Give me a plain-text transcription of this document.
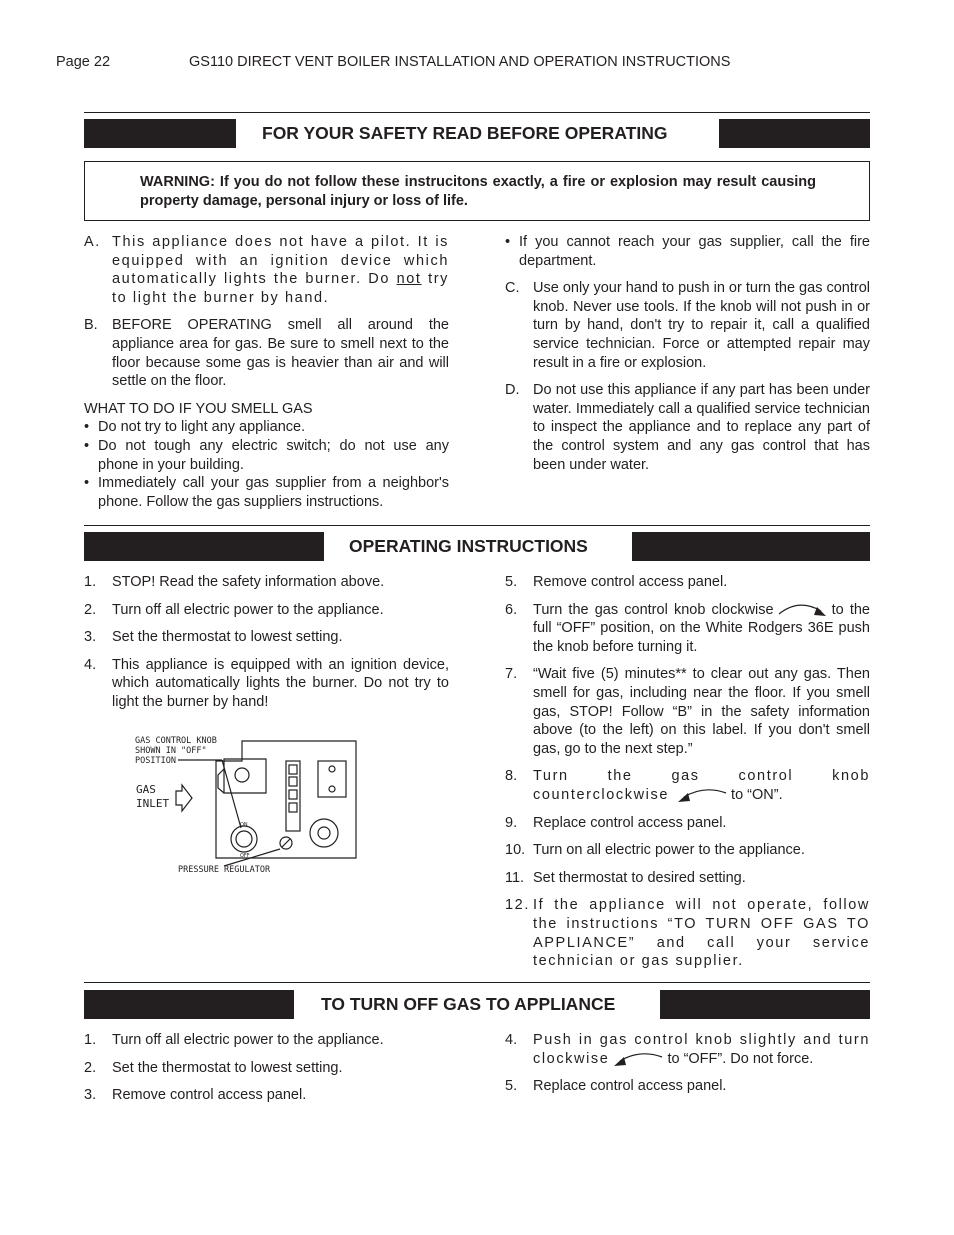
Page 22	GS110 DIRECT VENT BOILER INSTALLATION AND OPERATION INSTRUCTIONS
FOR YOUR SAFETY READ BEFORE OPERATING

WARNING: If you do not follow these instrucitons exactly, a fire or explosion may result causing property damage, personal injury or loss of life.

A. This appliance does not have a pilot. It is equipped with an ignition device which automatically lights the burner. Do not try to light the burner by hand.
B. BEFORE OPERATING smell all around the appliance area for gas. Be sure to smell next to the floor because some gas is heavier than air and will settle on the floor.
WHAT TO DO IF YOU SMELL GAS
• Do not try to light any appliance.
• Do not tough any electric switch; do not use any phone in your building.
• Immediately call your gas supplier from a neighbor's phone. Follow the gas suppliers instructions.
• If you cannot reach your gas supplier, call the fire department.
C. Use only your hand to push in or turn the gas control knob. Never use tools. If the knob will not push in or turn by hand, don't try to repair it, call a qualified service technician. Force or attempted repair may result in a fire or explosion.
D. Do not use this appliance if any part has been under water. Immediately call a qualified service technician to inspect the appliance and to replace any part of the control system and any gas control that has been under water.
OPERATING INSTRUCTIONS
1. STOP! Read the safety information above.
2. Turn off all electric power to the appliance.
3. Set the thermostat to lowest setting.
4. This appliance is equipped with an ignition device, which automatically lights the burner. Do not try to light the burner by hand!
GAS CONTROL KNOB
SHOWN IN "OFF"
POSITION
GAS
INLET
PRESSURE REGULATOR
ON
OFF
5. Remove control access panel.
6. Turn the gas control knob clockwise	to the full “OFF” position, on the White Rodgers 36E push the knob before turning it.
7. “Wait five (5) minutes** to clear out any gas. Then smell for gas, including near the floor. If you smell gas, STOP! Follow “B” in the safety information above (to the left) on this label. If you don't smell gas, go to the next step.”
8. Turn the gas control knob counterclockwise	to “ON”.
9. Replace control access panel.
10. Turn on all electric power to the appliance.
11. Set thermostat to desired setting.
12. If the appliance will not operate, follow the instructions “TO TURN OFF GAS TO APPLIANCE” and call your service technician or gas supplier.
TO TURN OFF GAS TO APPLIANCE
1. Turn off all electric power to the appliance.
2. Set the thermostat to lowest setting.
3. Remove control access panel.
4. Push in gas control knob slightly and turn clockwise	to “OFF”. Do not force.
5. Replace control access panel.
